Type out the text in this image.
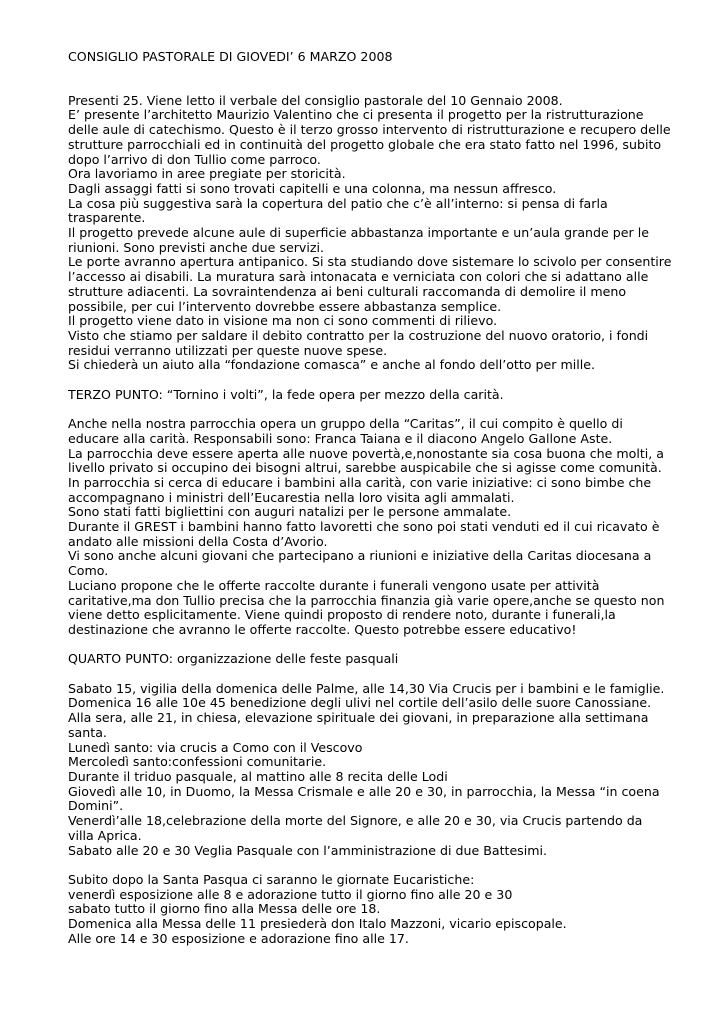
CONSIGLIO PASTORALE DI GIOVEDI’ 6 MARZO 2008
Presenti 25. Viene letto il verbale del consiglio pastorale del 10 Gennaio 2008.
E’ presente l’architetto Maurizio Valentino che ci presenta il progetto per la ristrutturazione
delle aule di catechismo. Questo è il terzo grosso intervento di ristrutturazione e recupero delle
strutture parrocchiali ed in continuità del progetto globale che era stato fatto nel 1996, subito
dopo l’arrivo di don Tullio come parroco.
Ora lavoriamo in aree pregiate per storicità.
Dagli assaggi fatti si sono trovati capitelli e una colonna, ma nessun affresco.
La cosa più suggestiva sarà la copertura del patio che c’è all’interno: si pensa di farla
trasparente.
Il progetto prevede alcune aule di superficie abbastanza importante e un’aula grande per le
riunioni. Sono previsti anche due servizi.
Le porte avranno apertura antipanico. Si sta studiando dove sistemare lo scivolo per consentire
l’accesso ai disabili. La muratura sarà intonacata e verniciata con colori che si adattano alle
strutture adiacenti. La sovraintendenza ai beni culturali raccomanda di demolire il meno
possibile, per cui l’intervento dovrebbe essere abbastanza semplice.
Il progetto viene dato in visione ma non ci sono commenti di rilievo.
Visto che stiamo per saldare il debito contratto per la costruzione del nuovo oratorio, i fondi
residui verranno utilizzati per queste nuove spese.
Si chiederà un aiuto alla “fondazione comasca” e anche al fondo dell’otto per mille.
TERZO PUNTO: “Tornino i volti”, la fede opera per mezzo della carità.
Anche nella nostra parrocchia opera un gruppo della “Caritas”, il cui compito è quello di
educare alla carità. Responsabili sono: Franca Taiana e il diacono Angelo Gallone Aste.
La parrocchia deve essere aperta alle nuove povertà,e,nonostante sia cosa buona che molti, a
livello privato si occupino dei bisogni altrui, sarebbe auspicabile che si agisse come comunità.
In parrocchia si cerca di educare i bambini alla carità, con varie iniziative: ci sono bimbe che
accompagnano i ministri dell’Eucarestia nella loro visita agli ammalati.
Sono stati fatti bigliettini con auguri natalizi per le persone ammalate.
Durante il GREST i bambini hanno fatto lavoretti che sono poi stati venduti ed il cui ricavato è
andato alle missioni della Costa d’Avorio.
Vi sono anche alcuni giovani che partecipano a riunioni e iniziative della Caritas diocesana a
Como.
Luciano propone che le offerte raccolte durante i funerali vengono usate per attività
caritative,ma don Tullio precisa che la parrocchia finanzia già varie opere,anche se questo non
viene detto esplicitamente. Viene quindi proposto di rendere noto, durante i funerali,la
destinazione che avranno le offerte raccolte. Questo potrebbe essere educativo!
QUARTO PUNTO: organizzazione delle feste pasquali
Sabato 15, vigilia della domenica delle Palme, alle 14,30 Via Crucis per i bambini e le famiglie.
Domenica 16 alle 10e 45 benedizione degli ulivi nel cortile dell’asilo delle suore Canossiane.
Alla sera, alle 21, in chiesa, elevazione spirituale dei giovani, in preparazione alla settimana
santa.
Lunedì santo: via crucis a Como con il Vescovo
Mercoledì santo:confessioni comunitarie.
Durante il triduo pasquale, al mattino alle 8 recita delle Lodi
Giovedì alle 10, in Duomo, la Messa Crismale e alle 20 e 30, in parrocchia, la Messa “in coena
Domini”.
Venerdì’alle 18,celebrazione della morte del Signore, e alle 20 e 30, via Crucis partendo da
villa Aprica.
Sabato alle 20 e 30 Veglia Pasquale con l’amministrazione di due Battesimi.
Subito dopo la Santa Pasqua ci saranno le giornate Eucaristiche:
venerdì esposizione alle 8 e adorazione tutto il giorno fino alle 20 e 30
sabato tutto il giorno fino alla Messa delle ore 18.
Domenica alla Messa delle 11 presiederà don Italo Mazzoni, vicario episcopale.
Alle ore 14 e 30 esposizione e adorazione fino alle 17.
